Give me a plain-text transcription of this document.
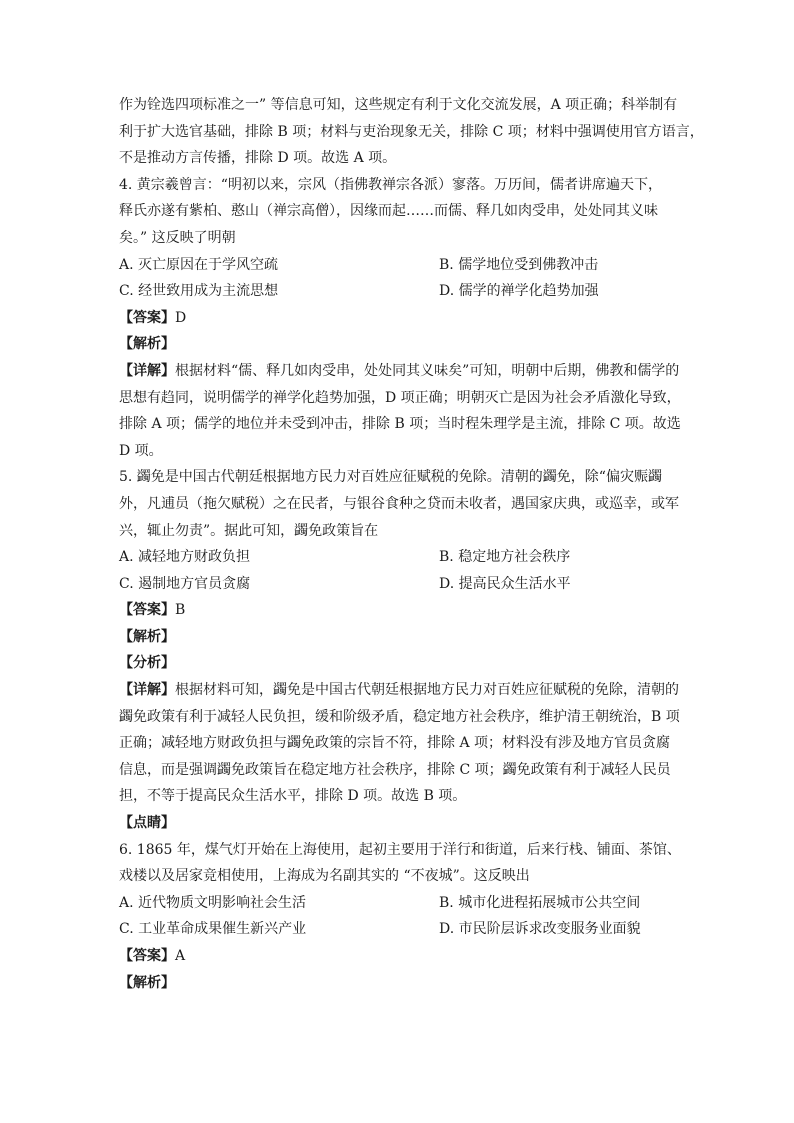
作为铨选四项标准之一” 等信息可知，这些规定有利于文化交流发展，A 项正确；科举制有
利于扩大选官基础，排除 B 项；材料与吏治现象无关，排除 C 项；材料中强调使用官方语言，
不是推动方言传播，排除 D 项。故选 A 项。
4. 黄宗羲曾言：“明初以来，宗风（指佛教禅宗各派）寥落。万历间，儒者讲席遍天下，
释氏亦遂有紫柏、憨山（禅宗高僧），因缘而起……而儒、释几如肉受串，处处同其义味
矣。” 这反映了明朝
A. 灭亡原因在于学风空疏	B. 儒学地位受到佛教冲击
C. 经世致用成为主流思想	D. 儒学的禅学化趋势加强
【答案】D
【解析】
【详解】根据材料“儒、释几如肉受串，处处同其义味矣”可知，明朝中后期，佛教和儒学的
思想有趋同，说明儒学的禅学化趋势加强，D 项正确；明朝灭亡是因为社会矛盾激化导致，
排除 A 项；儒学的地位并未受到冲击，排除 B 项；当时程朱理学是主流，排除 C 项。故选
D 项。
5. 蠲免是中国古代朝廷根据地方民力对百姓应征赋税的免除。清朝的蠲免，除“偏灾赈蠲
外，凡逋员（拖欠赋税）之在民者，与银谷食种之贷而未收者，遇国家庆典，或巡幸，或军
兴，辄止勿责”。据此可知，蠲免政策旨在
A. 减轻地方财政负担	B. 稳定地方社会秩序
C. 遏制地方官员贪腐	D. 提高民众生活水平
【答案】B
【解析】
【分析】
【详解】根据材料可知，蠲免是中国古代朝廷根据地方民力对百姓应征赋税的免除，清朝的
蠲免政策有利于减轻人民负担，缓和阶级矛盾，稳定地方社会秩序，维护清王朝统治，B 项
正确；减轻地方财政负担与蠲免政策的宗旨不符，排除 A 项；材料没有涉及地方官员贪腐
信息，而是强调蠲免政策旨在稳定地方社会秩序，排除 C 项；蠲免政策有利于减轻人民员
担，不等于提高民众生活水平，排除 D 项。故选 B 项。
【点睛】
6. 1865 年，煤气灯开始在上海使用，起初主要用于洋行和街道，后来行栈、铺面、茶馆、
戏楼以及居家竞相使用，上海成为名副其实的 “不夜城”。这反映出
A. 近代物质文明影响社会生活	B. 城市化进程拓展城市公共空间
C. 工业革命成果催生新兴产业	D. 市民阶层诉求改变服务业面貌
【答案】A
【解析】
